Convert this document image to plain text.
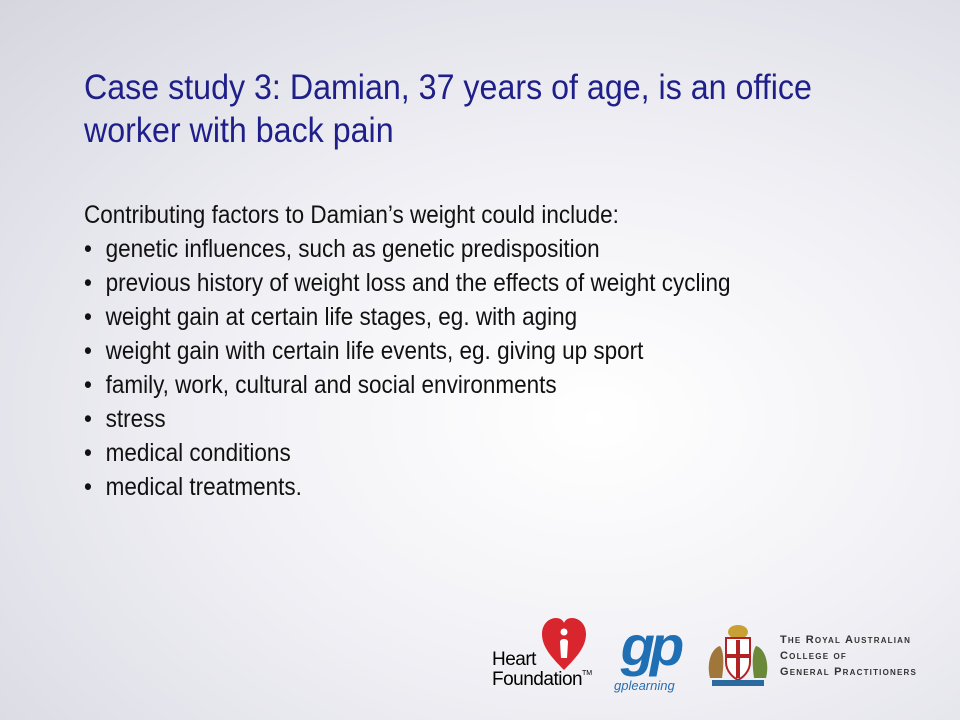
Case study 3: Damian, 37 years of age, is an office worker with back pain
Contributing factors to Damian’s weight could include:
• genetic influences, such as genetic predisposition
• previous history of weight loss and the effects of weight cycling
• weight gain at certain life stages, eg. with aging
• weight gain with certain life events, eg. giving up sport
• family, work, cultural and social environments
• stress
• medical conditions
• medical treatments.
Heart
Foundation TM gp
gplearning
The Royal Australian
College of
General Practitioners
